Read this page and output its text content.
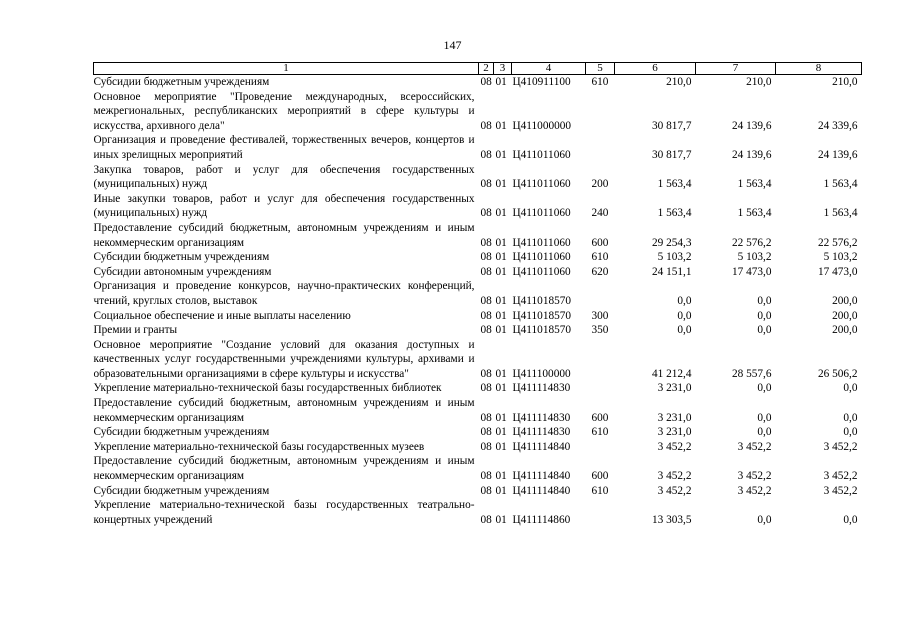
147
1	2	3	4	5	6	7	8
Субсидии бюджетным учреждениям	08	01	Ц410911100	610	210,0	210,0	210,0
Основное мероприятие "Проведение международных, всероссийских, межрегиональных, республиканских мероприятий в сфере культуры и искусства, архивного дела"	08	01	Ц411000000		30 817,7	24 139,6	24 339,6
Организация и проведение фестивалей, торжественных вечеров, концертов и иных зрелищных мероприятий	08	01	Ц411011060		30 817,7	24 139,6	24 139,6
Закупка товаров, работ и услуг для обеспечения государственных (муниципальных) нужд	08	01	Ц411011060	200	1 563,4	1 563,4	1 563,4
Иные закупки товаров, работ и услуг для обеспечения государственных (муниципальных) нужд	08	01	Ц411011060	240	1 563,4	1 563,4	1 563,4
Предоставление субсидий бюджетным, автономным учреждениям и иным некоммерческим организациям	08	01	Ц411011060	600	29 254,3	22 576,2	22 576,2
Субсидии бюджетным учреждениям	08	01	Ц411011060	610	5 103,2	5 103,2	5 103,2
Субсидии автономным учреждениям	08	01	Ц411011060	620	24 151,1	17 473,0	17 473,0
Организация и проведение конкурсов, научно-практических конференций, чтений, круглых столов, выставок	08	01	Ц411018570		0,0	0,0	200,0
Социальное обеспечение и иные выплаты населению	08	01	Ц411018570	300	0,0	0,0	200,0
Премии и гранты	08	01	Ц411018570	350	0,0	0,0	200,0
Основное мероприятие "Создание условий для оказания доступных и качественных услуг государственными учреждениями культуры, архивами и образовательными организациями в сфере культуры и искусства"	08	01	Ц411100000		41 212,4	28 557,6	26 506,2
Укрепление материально-технической базы государственных библиотек	08	01	Ц411114830		3 231,0	0,0	0,0
Предоставление субсидий бюджетным, автономным учреждениям и иным некоммерческим организациям	08	01	Ц411114830	600	3 231,0	0,0	0,0
Субсидии бюджетным учреждениям	08	01	Ц411114830	610	3 231,0	0,0	0,0
Укрепление материально-технической базы государственных музеев	08	01	Ц411114840		3 452,2	3 452,2	3 452,2
Предоставление субсидий бюджетным, автономным учреждениям и иным некоммерческим организациям	08	01	Ц411114840	600	3 452,2	3 452,2	3 452,2
Субсидии бюджетным учреждениям	08	01	Ц411114840	610	3 452,2	3 452,2	3 452,2
Укрепление материально-технической базы государственных театрально-концертных учреждений	08	01	Ц411114860		13 303,5	0,0	0,0
